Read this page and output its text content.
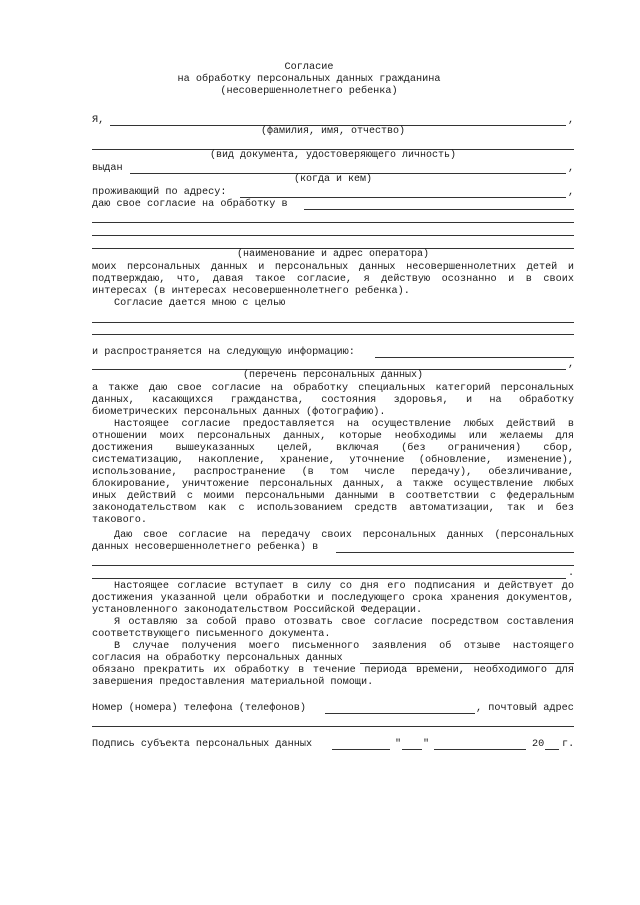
Согласие
на обработку персональных данных гражданина
(несовершеннолетнего ребенка)
Я,	,
(фамилия, имя, отчество)
(вид документа, удостоверяющего личность)
выдан	,
(когда и кем)
проживающий по адресу:	,
даю свое согласие на обработку в
(наименование и адрес оператора)

моих персональных данных и персональных данных несовершеннолетних детей и подтверждаю, что, давая такое согласие, я действую осознанно и в своих интересах (в интересах несовершеннолетнего ребенка).

Согласие дается мною с целью
и распространяется на следующую информацию:
,
(перечень персональных данных)

а также даю свое согласие на обработку специальных категорий персональных данных, касающихся гражданства, состояния здоровья, и на обработку биометрических персональных данных (фотографию).

Настоящее согласие предоставляется на осуществление любых действий в отношении моих персональных данных, которые необходимы или желаемы для достижения вышеуказанных целей, включая (без ограничения) сбор, систематизацию, накопление, хранение, уточнение (обновление, изменение), использование, распространение (в том числе передачу), обезличивание, блокирование, уничтожение персональных данных, а также осуществление любых иных действий с моими персональными данными в соответствии с федеральным законодательством как с использованием средств автоматизации, так и без такового.

Даю свое согласие на передачу своих персональных данных (персональных данных несовершеннолетнего ребенка) в

.

Настоящее согласие вступает в силу со дня его подписания и действует до достижения указанной цели обработки и последующего срока хранения документов, установленного законодательством Российской Федерации.

Я оставляю за собой право отозвать свое согласие посредством составления соответствующего письменного документа.

В случае получения моего письменного заявления об отзыве настоящего согласия на обработку персональных данных

обязано прекратить их обработку в течение периода времени, необходимого для завершения предоставления материальной помощи.

Номер (номера) телефона (телефонов)	, почтовый адрес
Подпись субъекта персональных данных	" "	20 г.
